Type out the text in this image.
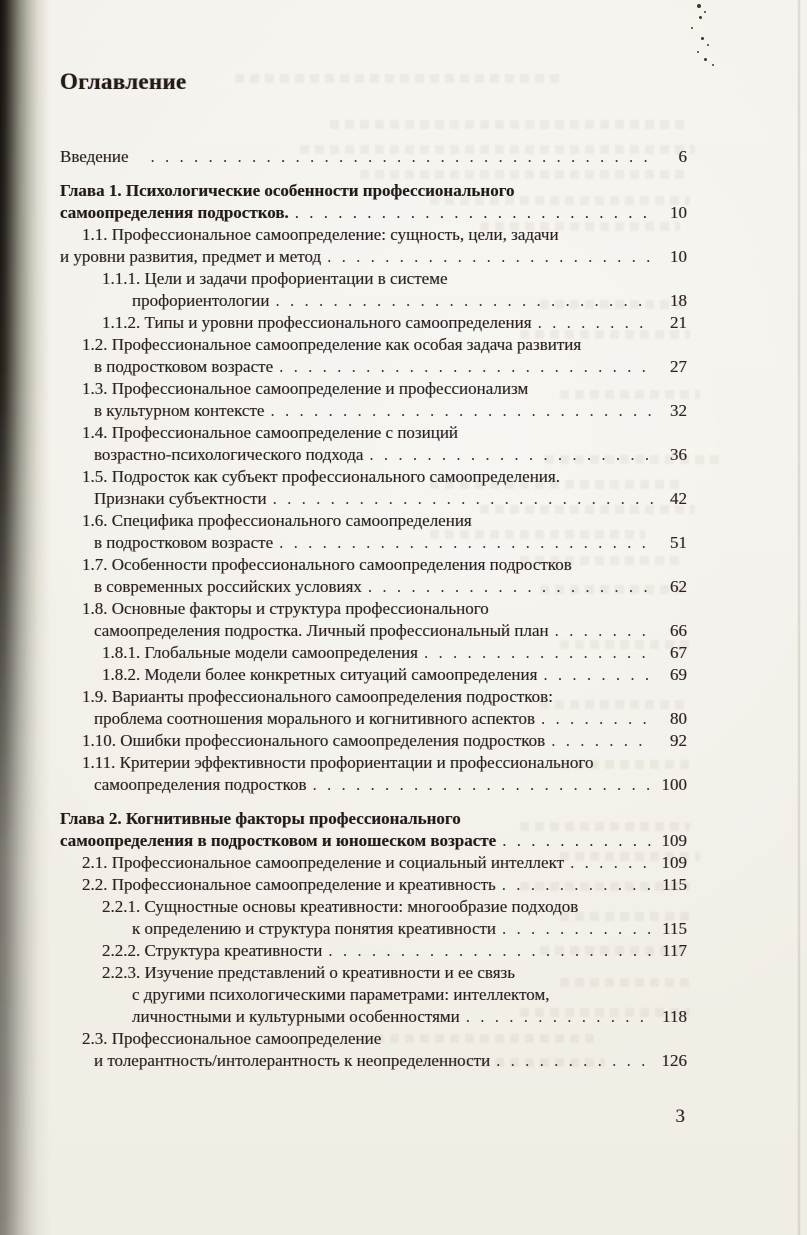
Оглавление
Введение . . .	6
Глава 1. Психологические особенности профессионального
самоопределения подростков. . . .	10
1.1. Профессиональное самоопределение: сущность, цели, задачи
и уровни развития, предмет и метод . . .	10
1.1.1. Цели и задачи профориентации в системе
профориентологии . . .	18
1.1.2. Типы и уровни профессионального самоопределения . . .	21
1.2. Профессиональное самоопределение как особая задача развития
в подростковом возрасте . . .	27
1.3. Профессиональное самоопределение и профессионализм
в культурном контексте . . .	32
1.4. Профессиональное самоопределение с позиций
возрастно-психологического подхода . . .	36
1.5. Подросток как субъект профессионального самоопределения.
Признаки субъектности . . .	42
1.6. Специфика профессионального самоопределения
в подростковом возрасте . . .	51
1.7. Особенности профессионального самоопределения подростков
в современных российских условиях . . .	62
1.8. Основные факторы и структура профессионального
самоопределения подростка. Личный профессиональный план . . .	66
1.8.1. Глобальные модели самоопределения . . .	67
1.8.2. Модели более конкретных ситуаций самоопределения . . .	69
1.9. Варианты профессионального самоопределения подростков:
проблема соотношения морального и когнитивного аспектов . . .	80
1.10. Ошибки профессионального самоопределения подростков . . .	92
1.11. Критерии эффективности профориентации и профессионального
самоопределения подростков . . .	100
Глава 2. Когнитивные факторы профессионального
самоопределения в подростковом и юношеском возрасте . . .	109
2.1. Профессиональное самоопределение и социальный интеллект . . .	109
2.2. Профессиональное самоопределение и креативность . . .	115
2.2.1. Сущностные основы креативности: многообразие подходов
к определению и структура понятия креативности . . .	115
2.2.2. Структура креативности . . .	117
2.2.3. Изучение представлений о креативности и ее связь
с другими психологическими параметрами: интеллектом,
личностными и культурными особенностями . . .	118
2.3. Профессиональное самоопределение
и толерантность/интолерантность к неопределенности . . .	126
3
